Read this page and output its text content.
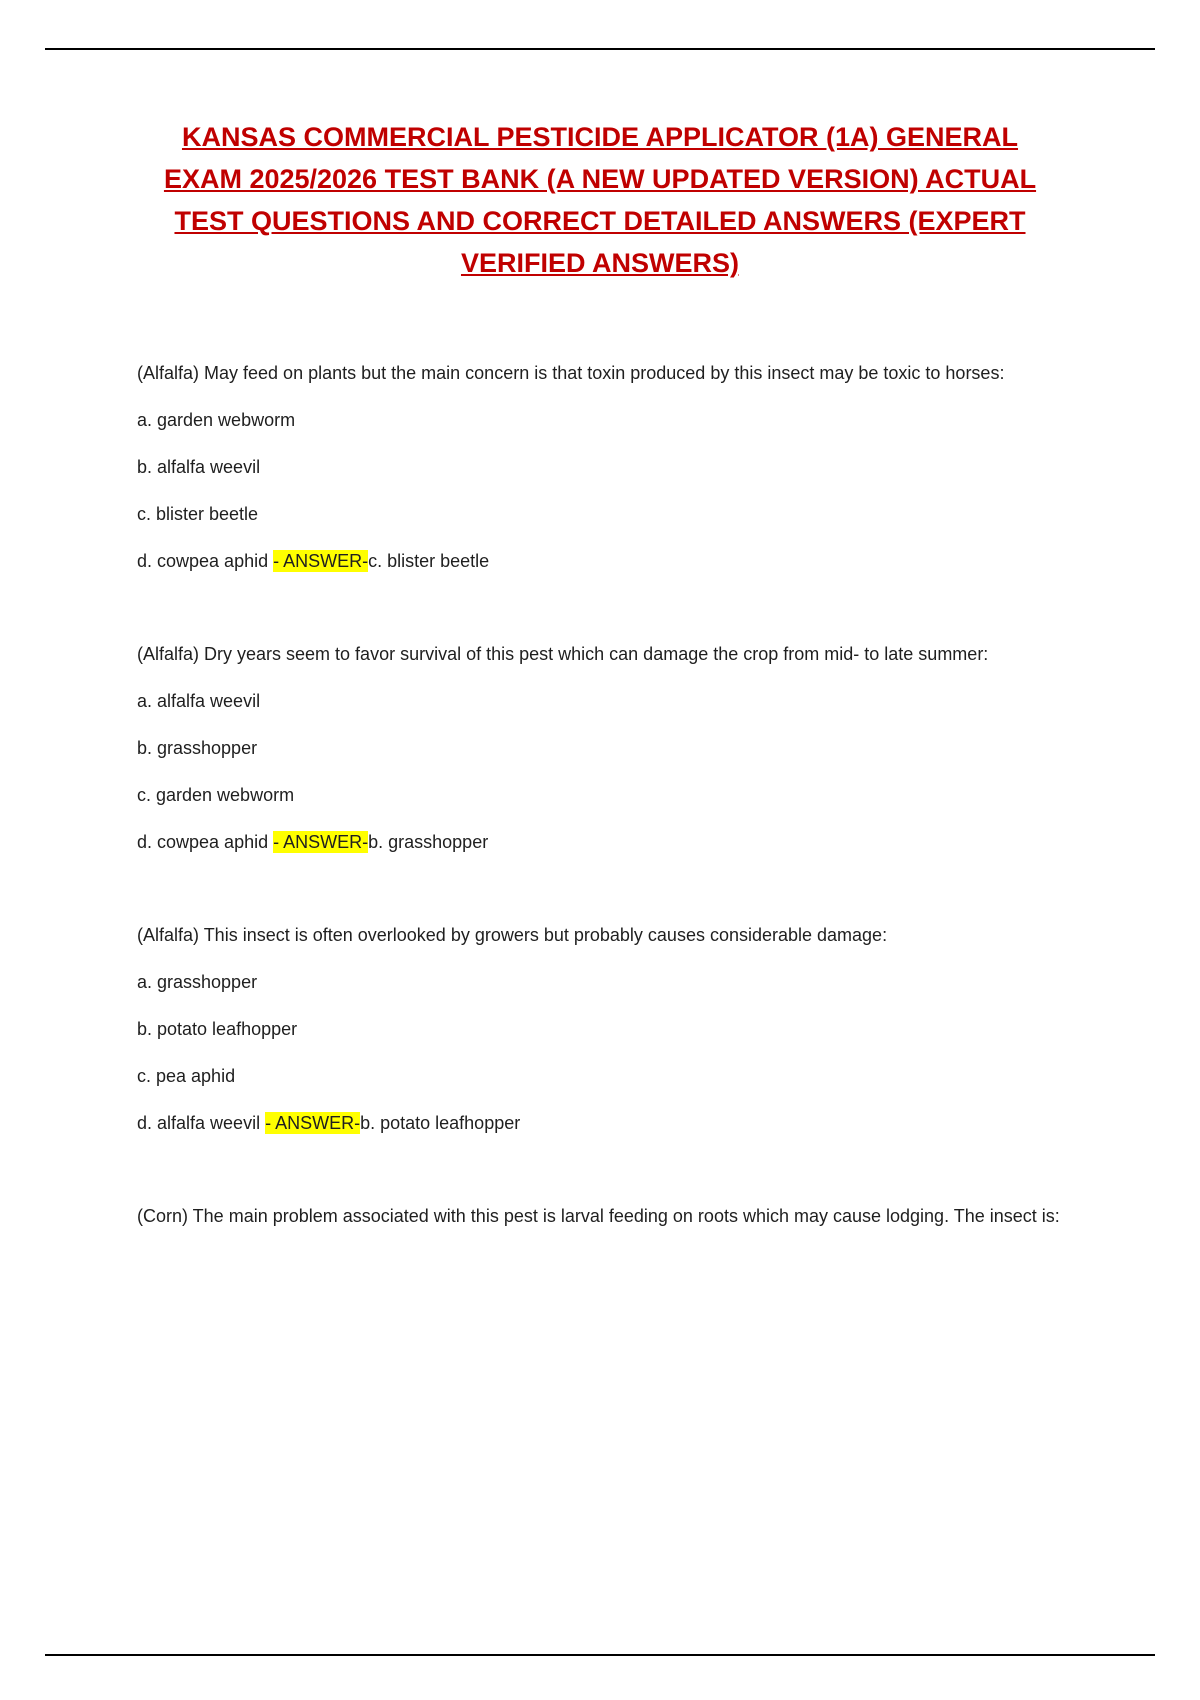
KANSAS COMMERCIAL PESTICIDE APPLICATOR (1A) GENERAL EXAM 2025/2026 TEST BANK (A NEW UPDATED VERSION) ACTUAL TEST QUESTIONS AND CORRECT DETAILED ANSWERS (EXPERT VERIFIED ANSWERS)

(Alfalfa) May feed on plants but the main concern is that toxin produced by this insect may be toxic to horses:

a. garden webworm

b. alfalfa weevil

c. blister beetle

d. cowpea aphid - ANSWER-c. blister beetle

(Alfalfa) Dry years seem to favor survival of this pest which can damage the crop from mid- to late summer:

a. alfalfa weevil

b. grasshopper

c. garden webworm

d. cowpea aphid - ANSWER-b. grasshopper

(Alfalfa) This insect is often overlooked by growers but probably causes considerable damage:

a. grasshopper

b. potato leafhopper

c. pea aphid

d. alfalfa weevil - ANSWER-b. potato leafhopper

(Corn) The main problem associated with this pest is larval feeding on roots which may cause lodging. The insect is:
